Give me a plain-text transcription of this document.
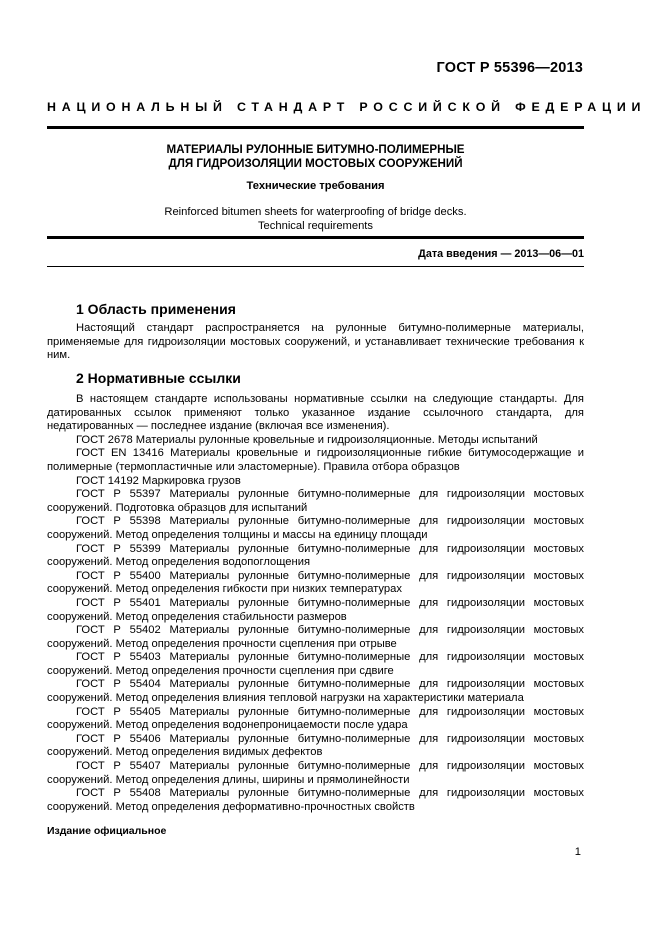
ГОСТ Р 55396—2013
НАЦИОНАЛЬНЫЙ СТАНДАРТ РОССИЙСКОЙ ФЕДЕРАЦИИ
МАТЕРИАЛЫ РУЛОННЫЕ БИТУМНО-ПОЛИМЕРНЫЕ
ДЛЯ ГИДРОИЗОЛЯЦИИ МОСТОВЫХ СООРУЖЕНИЙ
Технические требования
Reinforced bitumen sheets for waterproofing of bridge decks.
Technical requirements
Дата введения — 2013—06—01
1 Область применения
Настоящий стандарт распространяется на рулонные битумно-полимерные материалы, применяемые для гидроизоляции мостовых сооружений, и устанавливает технические требования к ним.
2 Нормативные ссылки
В настоящем стандарте использованы нормативные ссылки на следующие стандарты. Для датированных ссылок применяют только указанное издание ссылочного стандарта, для недатированных — последнее издание (включая все изменения).
ГОСТ 2678 Материалы рулонные кровельные и гидроизоляционные. Методы испытаний
ГОСТ EN 13416 Материалы кровельные и гидроизоляционные гибкие битумосодержащие и полимерные (термопластичные или эластомерные). Правила отбора образцов
ГОСТ 14192 Маркировка грузов
ГОСТ Р 55397 Материалы рулонные битумно-полимерные для гидроизоляции мостовых сооружений. Подготовка образцов для испытаний
ГОСТ Р 55398 Материалы рулонные битумно-полимерные для гидроизоляции мостовых сооружений. Метод определения толщины и массы на единицу площади
ГОСТ Р 55399 Материалы рулонные битумно-полимерные для гидроизоляции мостовых сооружений. Метод определения водопоглощения
ГОСТ Р 55400 Материалы рулонные битумно-полимерные для гидроизоляции мостовых сооружений. Метод определения гибкости при низких температурах
ГОСТ Р 55401 Материалы рулонные битумно-полимерные для гидроизоляции мостовых сооружений. Метод определения стабильности размеров
ГОСТ Р 55402 Материалы рулонные битумно-полимерные для гидроизоляции мостовых сооружений. Метод определения прочности сцепления при отрыве
ГОСТ Р 55403 Материалы рулонные битумно-полимерные для гидроизоляции мостовых сооружений. Метод определения прочности сцепления при сдвиге
ГОСТ Р 55404 Материалы рулонные битумно-полимерные для гидроизоляции мостовых сооружений. Метод определения влияния тепловой нагрузки на характеристики материала
ГОСТ Р 55405 Материалы рулонные битумно-полимерные для гидроизоляции мостовых сооружений. Метод определения водонепроницаемости после удара
ГОСТ Р 55406 Материалы рулонные битумно-полимерные для гидроизоляции мостовых сооружений. Метод определения видимых дефектов
ГОСТ Р 55407 Материалы рулонные битумно-полимерные для гидроизоляции мостовых сооружений. Метод определения длины, ширины и прямолинейности
ГОСТ Р 55408 Материалы рулонные битумно-полимерные для гидроизоляции мостовых сооружений. Метод определения деформативно-прочностных свойств
Издание официальное
1
